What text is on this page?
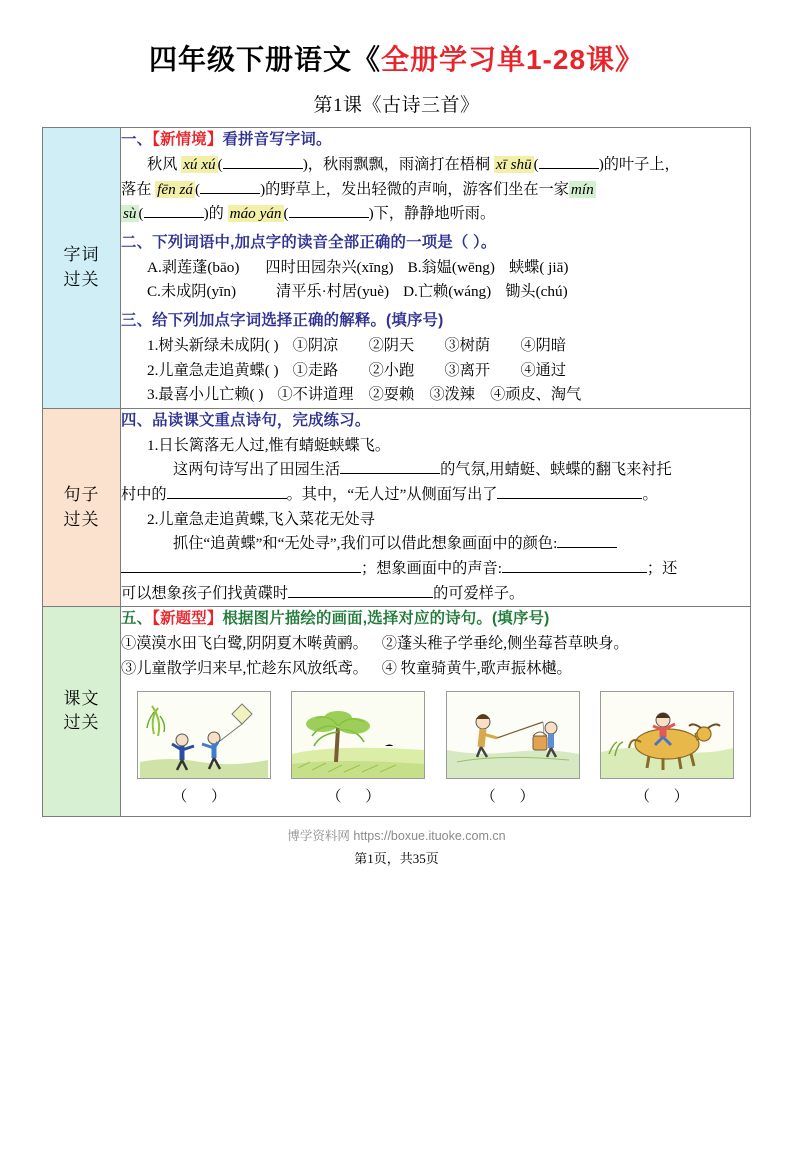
四年级下册语文《全册学习单1-28课》
第1课《古诗三首》
字词
过关

一、【新情境】看拼音写字词。
秋风 xú xú (	)，秋雨飘飘，雨滴打在梧桐 xī shū (	)的叶子上，
落在 fēn zá (	)的野草上，发出轻微的声响，游客们坐在一家 mín
sù (	)的 máo yán (	)下，静静地听雨。
二、下列词语中,加点字的读音全部正确的一项是（ ）。
A.剥莲蓬(bāo) 四时田园杂兴(xīng) B.翁媪(wēng) 蛱蝶( jiā)
C.未成阴(yīn)	清平乐·村居(yuè) D.亡赖(wáng) 锄头(chú)
三、给下列加点字词选择正确的解释。(填序号)
1.树头新绿未成阴( ) ①阴凉　　②阴天　　③树荫　　④阴暗
2.儿童急走追黄蝶( ) ①走路　　②小跑　　③离开　　④通过
3.最喜小儿亡赖( ) ①不讲道理　②耍赖　③泼辣　④顽皮、淘气

句子
过关

四、品读课文重点诗句，完成练习。
1.日长篱落无人过,惟有蜻蜓蛱蝶飞。
这两句诗写出了田园生活	的气氛,用蜻蜓、蛱蝶的翻飞来衬托
村中的	。其中，“无人过”从侧面写出了	。
2.儿童急走追黄蝶,飞入菜花无处寻
抓住“追黄蝶”和“无处寻”,我们可以借此想象画面中的颜色:
；想象画面中的声音:	；还
可以想象孩子们找黄碟时	的可爱样子。

课文
过关

五、【新题型】根据图片描绘的画面,选择对应的诗句。(填序号)
①漠漠水田飞白鹭,阴阴夏木啭黄鹂。 ②蓬头稚子学垂纶,侧坐莓苔草映身。
③儿童散学归来早,忙趁东风放纸鸢。 ④ 牧童骑黄牛,歌声振林樾。
（ ）	（ ）	（ ）	（ ）
博学资料网 https://boxue.ituoke.com.cn
第1页，共35页
